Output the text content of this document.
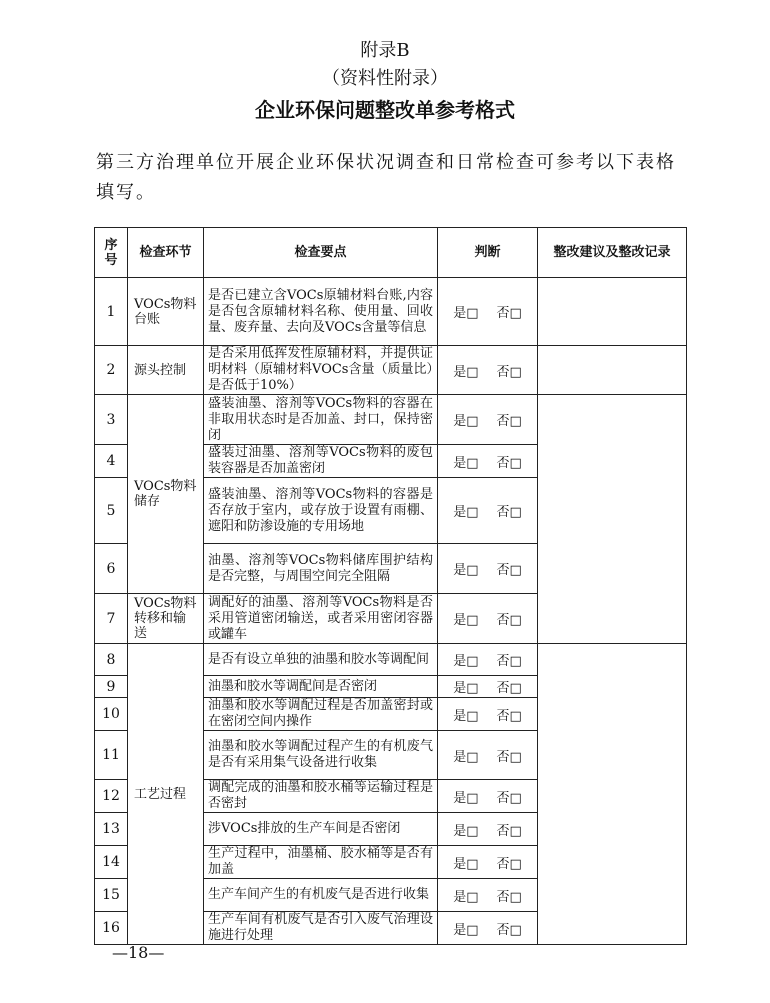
附录B
（资料性附录）
企业环保问题整改单参考格式
第三方治理单位开展企业环保状况调查和日常检查可参考以下表格填写。
序号	检查环节	检查要点	判断	整改建议及整改记录
1	VOCs物料台账	是否已建立含VOCs原辅材料台账,内容是否包含原辅材料名称、使用量、回收量、废弃量、去向及VOCs含量等信息	是□ 否□	
2	源头控制	是否采用低挥发性原辅材料，并提供证明材料（原辅材料VOCs含量（质量比）是否低于10%）	是□ 否□	
3	VOCs物料储存	盛装油墨、溶剂等VOCs物料的容器在非取用状态时是否加盖、封口，保持密闭	是□ 否□	
4		盛装过油墨、溶剂等VOCs物料的废包装容器是否加盖密闭	是□ 否□	
5		盛装油墨、溶剂等VOCs物料的容器是否存放于室内，或存放于设置有雨棚、遮阳和防渗设施的专用场地	是□ 否□	
6		油墨、溶剂等VOCs物料储库围护结构是否完整，与周围空间完全阻隔	是□ 否□	
7	VOCs物料转移和输送	调配好的油墨、溶剂等VOCs物料是否采用管道密闭输送，或者采用密闭容器或罐车	是□ 否□	
8	工艺过程	是否有设立单独的油墨和胶水等调配间	是□ 否□	
9		油墨和胶水等调配间是否密闭	是□ 否□	
10		油墨和胶水等调配过程是否加盖密封或在密闭空间内操作	是□ 否□	
11		油墨和胶水等调配过程产生的有机废气是否有采用集气设备进行收集	是□ 否□	
12		调配完成的油墨和胶水桶等运输过程是否密封	是□ 否□	
13		涉VOCs排放的生产车间是否密闭	是□ 否□	
14		生产过程中，油墨桶、胶水桶等是否有加盖	是□ 否□	
15		生产车间产生的有机废气是否进行收集	是□ 否□	
16		生产车间有机废气是否引入废气治理设施进行处理	是□ 否□	
—18—
